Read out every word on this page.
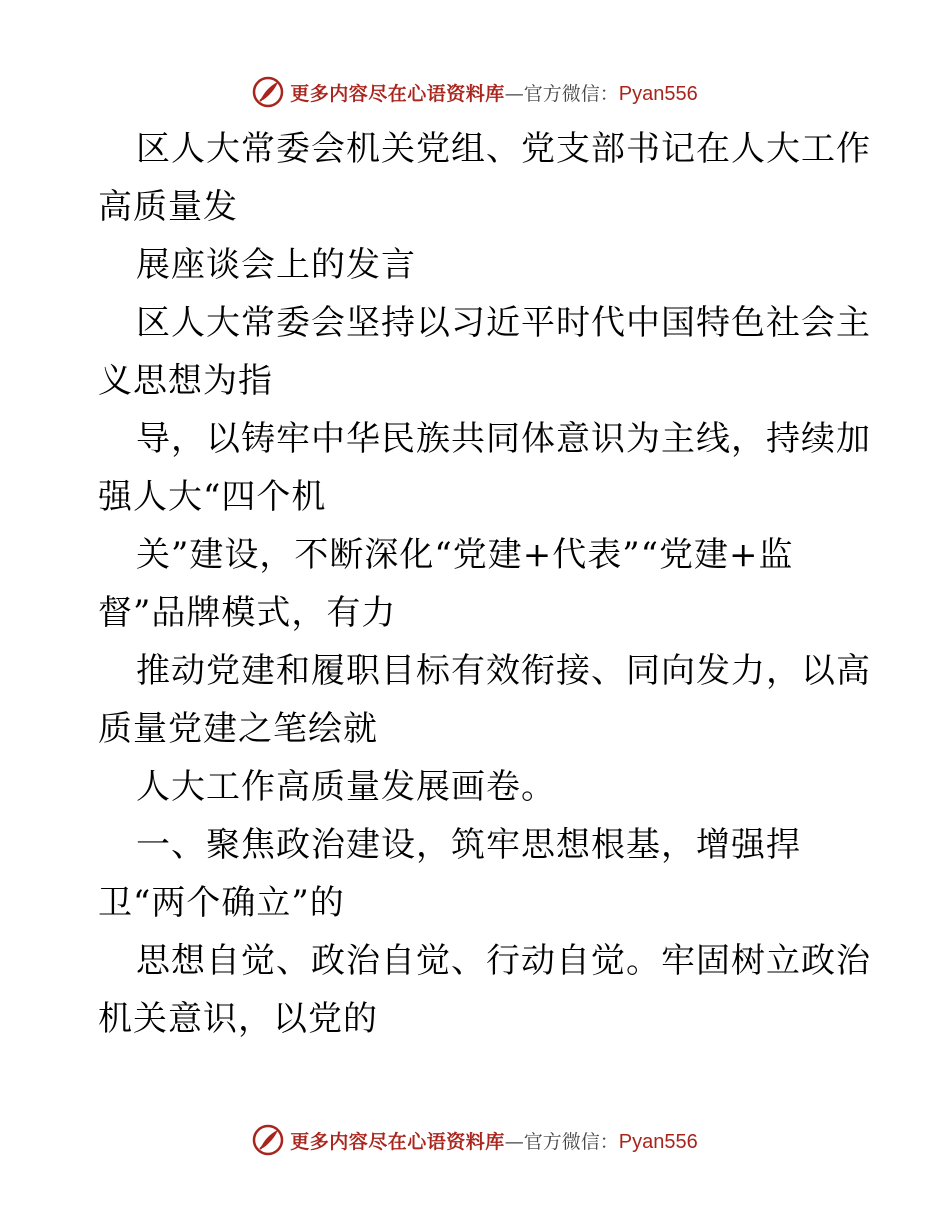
更多内容尽在心语资料库 —官方微信： Pyan556
区人大常委会机关党组、党支部书记在人大工作
高质量发
展座谈会上的发言
区人大常委会坚持以习近平时代中国特色社会主
义思想为指
导，以铸牢中华民族共同体意识为主线，持续加
强人大“四个机
关”建设，不断深化“党建+代表”“党建+监
督”品牌模式，有力
推动党建和履职目标有效衔接、同向发力，以高
质量党建之笔绘就
人大工作高质量发展画卷。
一、聚焦政治建设，筑牢思想根基，增强捍
卫“两个确立”的
思想自觉、政治自觉、行动自觉。牢固树立政治
机关意识，以党的
更多内容尽在心语资料库 —官方微信： Pyan556
